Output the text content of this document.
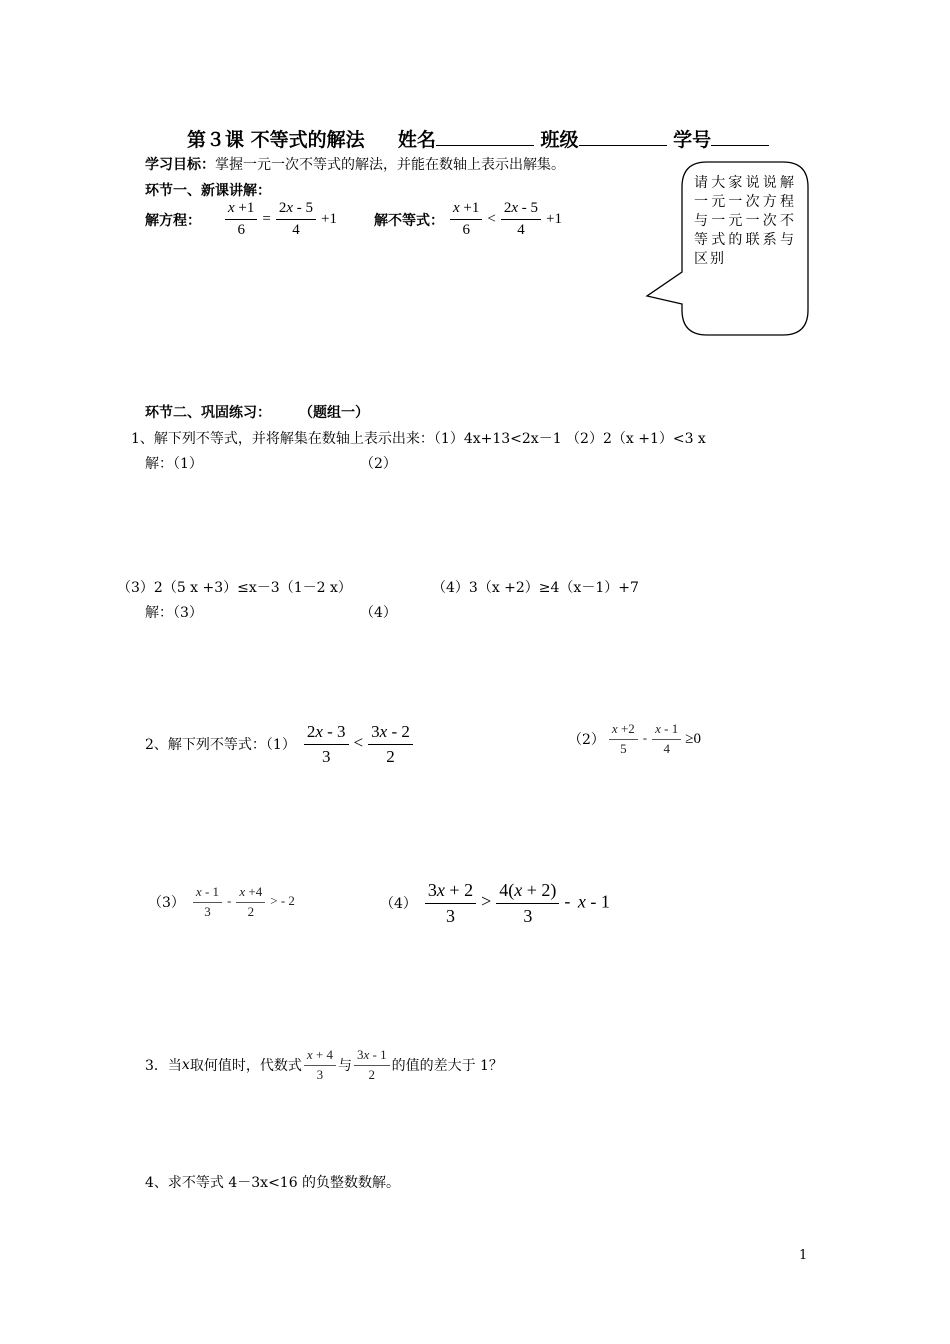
第３课 不等式的解法 姓名	班级	学号
学习目标：掌握一元一次不等式的解法，并能在数轴上表示出解集。
环节一、新课讲解：
解方程： $\frac{x +1}{6} = \frac{2x - 5}{4} +1$	解不等式： $\frac{x +1}{6} < \frac{2x - 5}{4} +1$
请大家说说解一元一次方程与一元一次不等式的联系与区别
环节二、巩固练习： （题组一）
1、解下列不等式，并将解集在数轴上表示出来：（1）4x+13<2x－1 （2）2（x +1）<3 x
解：（1）	（2）
（3）2（5 x +3）≤x－3（1－2 x）	（4）3（x +2）≥4（x－1）+7
解：（3）	（4）
2、解下列不等式：$(1) \frac{2x - 3}{3} < \frac{3x - 2}{2}$	$(2) \frac{x +2}{5} - \frac{x - 1}{4} \ge 0$
$(3) \frac{x - 1}{3} - \frac{x +4}{2}$ > - 2	$(4) \frac{3x + 2}{3} > \frac{4(x + 2)}{3} - x - 1$
3．当 x 取何值时，代数式 $\frac{x + 4}{3}$ 与 $\frac{3x - 1}{2}$ 的值的差大于 1？
4、求不等式 4－3x<16 的负整数数解。
1
